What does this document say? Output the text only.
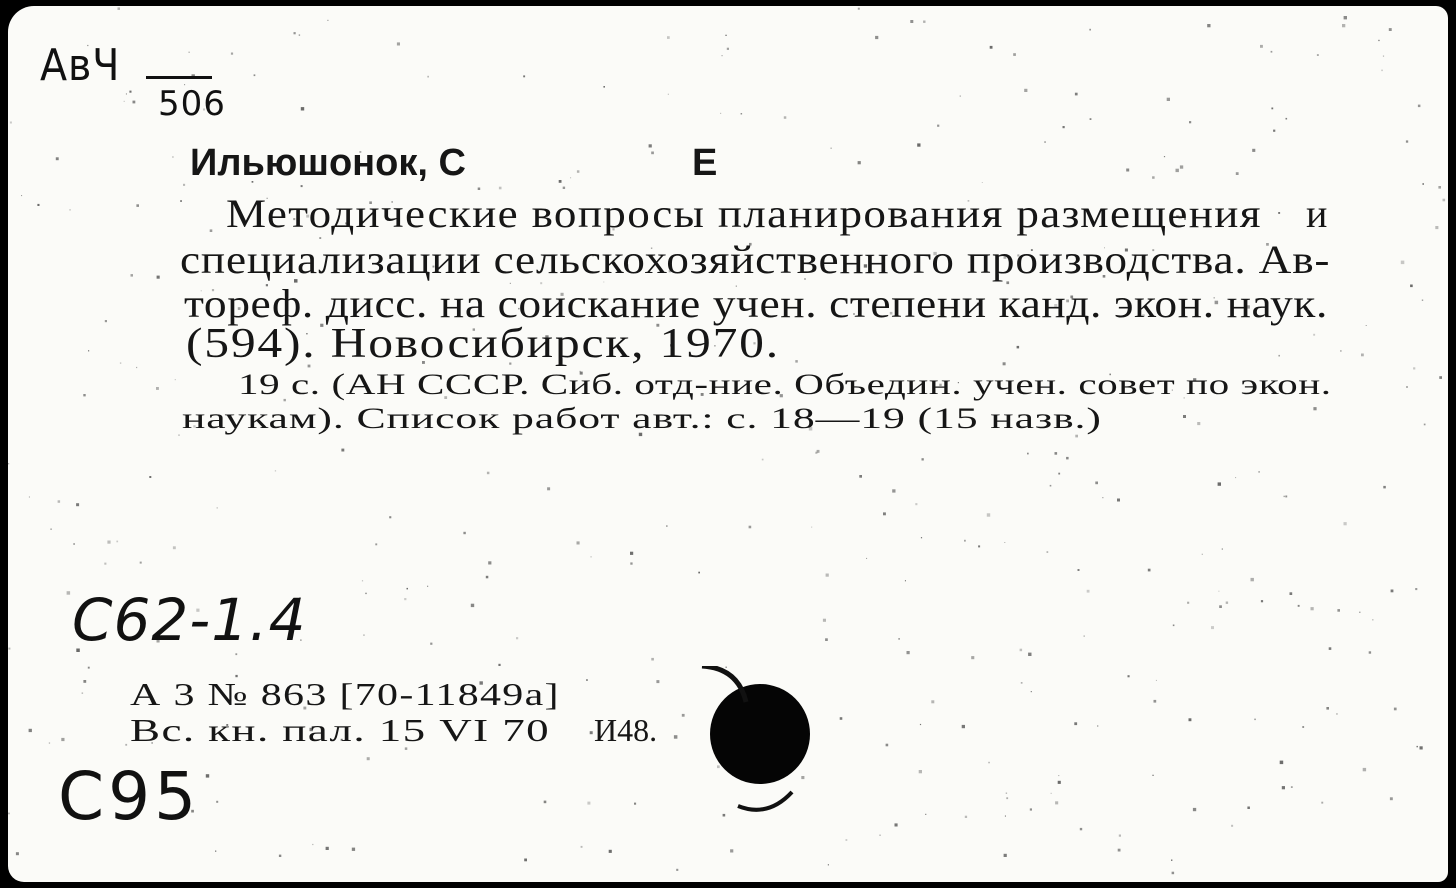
АвЧ
506
Ильюшонок, С	Е
Методические вопросы планирования размещения и
специализации сельскохозяйственного производства. Ав-
тореф. дисс. на соискание учен. степени канд. экон. наук.
(594). Новосибирск, 1970.
19 с. (АН СССР. Сиб. отд-ние. Объедин. учен. совет по экон.
наукам). Список работ авт.: с. 18—19 (15 назв.)
С62-1.4
А 3 № 863 [70-11849а]
Вс. кн. пал. 15 VI 70 И48.
С95
